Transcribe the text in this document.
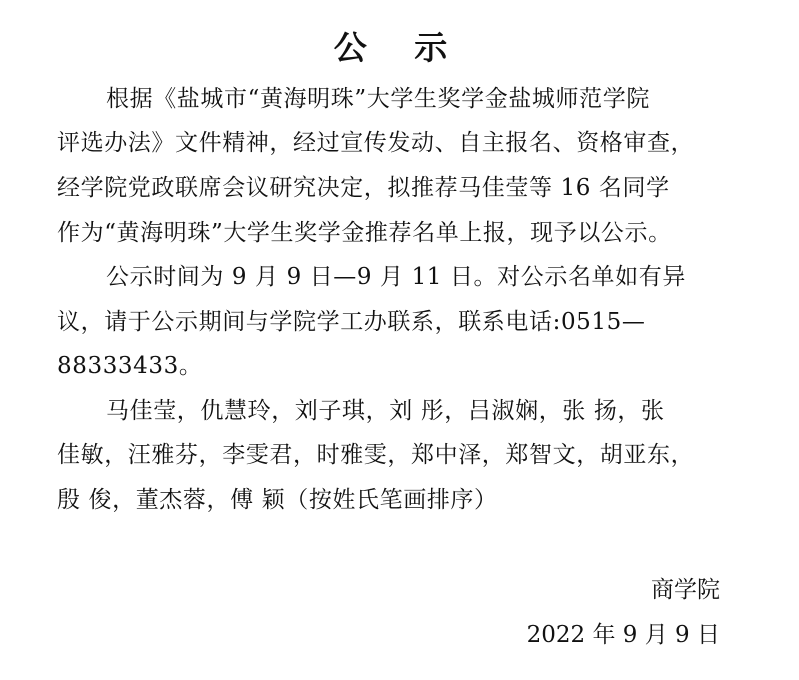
公 示
根据《盐城市“黄海明珠”大学生奖学金盐城师范学院
评选办法》文件精神，经过宣传发动、自主报名、资格审查，
经学院党政联席会议研究决定，拟推荐马佳莹等 16 名同学
作为“黄海明珠”大学生奖学金推荐名单上报，现予以公示。
公示时间为 9 月 9 日—9 月 11 日。对公示名单如有异
议，请于公示期间与学院学工办联系，联系电话:0515—
88333433。
马佳莹，仇慧玲，刘子琪，刘 彤，吕淑娴，张 扬，张
佳敏，汪雅芬，李雯君，时雅雯，郑中泽，郑智文，胡亚东，
殷 俊，董杰蓉，傅 颖（按姓氏笔画排序）
商学院
2022 年 9 月 9 日
